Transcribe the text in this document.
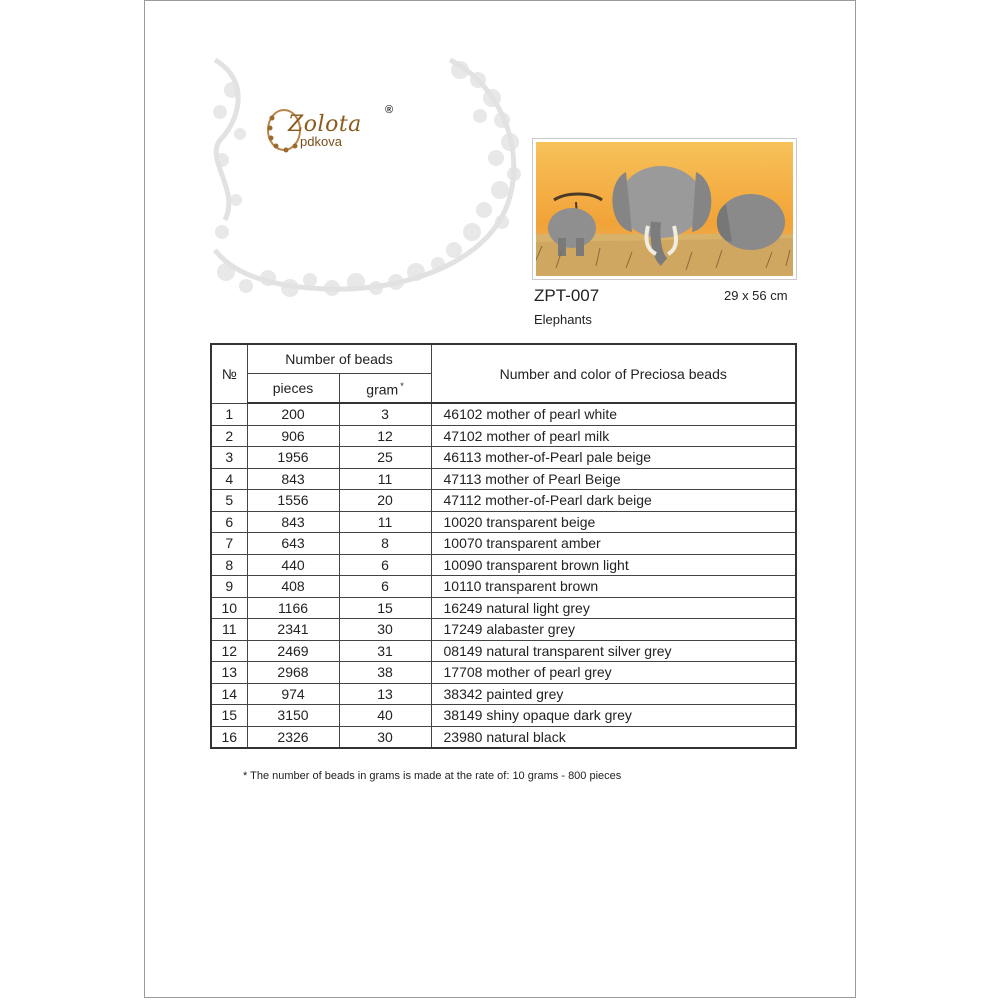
Zolota
pdkova
®
ZPT-007	29 x 56 cm
Elephants
№	Number of beads		Number and color of Preciosa beads
	pieces	gram *
1	200	3	46102 mother of pearl white
2	906	12	47102 mother of pearl milk
3	1956	25	46113 mother-of-Pearl pale beige
4	843	11	47113 mother of Pearl Beige
5	1556	20	47112 mother-of-Pearl dark beige
6	843	11	10020 transparent beige
7	643	8	10070 transparent amber
8	440	6	10090 transparent brown light
9	408	6	10110 transparent brown
10	1166	15	16249 natural light grey
11	2341	30	17249 alabaster grey
12	2469	31	08149 natural transparent silver grey
13	2968	38	17708 mother of pearl grey
14	974	13	38342 painted grey
15	3150	40	38149 shiny opaque dark grey
16	2326	30	23980 natural black
* The number of beads in grams is made at the rate of: 10 grams - 800 pieces
